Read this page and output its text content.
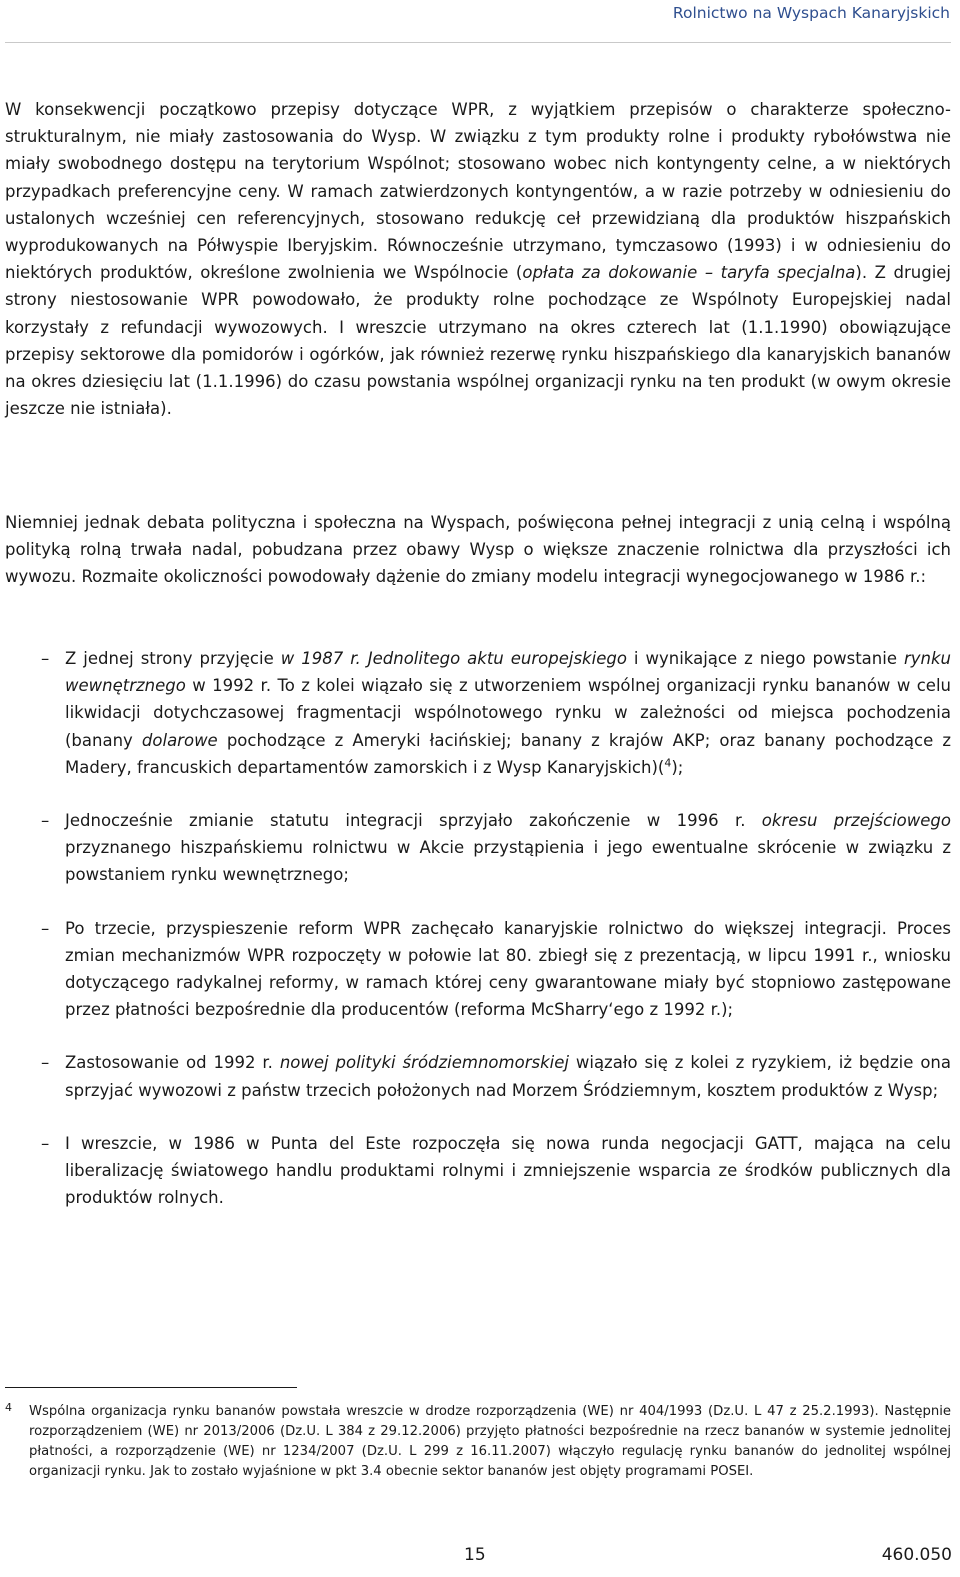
Rolnictwo na Wyspach Kanaryjskich

W konsekwencji początkowo przepisy dotyczące WPR, z wyjątkiem przepisów o charakterze społeczno-strukturalnym, nie miały zastosowania do Wysp. W związku z tym produkty rolne i produkty rybołówstwa nie miały swobodnego dostępu na terytorium Wspólnot; stosowano wobec nich kontyngenty celne, a w niektórych przypadkach preferencyjne ceny. W ramach zatwierdzonych kontyngentów, a w razie potrzeby w odniesieniu do ustalonych wcześniej cen referencyjnych, stosowano redukcję ceł przewidzianą dla produktów hiszpańskich wyprodukowanych na Półwyspie Iberyjskim. Równocześnie utrzymano, tymczasowo (1993) i w odniesieniu do niektórych produktów, określone zwolnienia we Wspólnocie (opłata za dokowanie – taryfa specjalna). Z drugiej strony niestosowanie WPR powodowało, że produkty rolne pochodzące ze Wspólnoty Europejskiej nadal korzystały z refundacji wywozowych. I wreszcie utrzymano na okres czterech lat (1.1.1990) obowiązujące przepisy sektorowe dla pomidorów i ogórków, jak również rezerwę rynku hiszpańskiego dla kanaryjskich bananów na okres dziesięciu lat (1.1.1996) do czasu powstania wspólnej organizacji rynku na ten produkt (w owym okresie jeszcze nie istniała).

Niemniej jednak debata polityczna i społeczna na Wyspach, poświęcona pełnej integracji z unią celną i wspólną polityką rolną trwała nadal, pobudzana przez obawy Wysp o większe znaczenie rolnictwa dla przyszłości ich wywozu. Rozmaite okoliczności powodowały dążenie do zmiany modelu integracji wynegocjowanego w 1986 r.:

– Z jednej strony przyjęcie w 1987 r. Jednolitego aktu europejskiego i wynikające z niego powstanie rynku wewnętrznego w 1992 r. To z kolei wiązało się z utworzeniem wspólnej organizacji rynku bananów w celu likwidacji dotychczasowej fragmentacji wspólnotowego rynku w zależności od miejsca pochodzenia (banany dolarowe pochodzące z Ameryki łacińskiej; banany z krajów AKP; oraz banany pochodzące z Madery, francuskich departamentów zamorskich i z Wysp Kanaryjskich)($^4$);
– Jednocześnie zmianie statutu integracji sprzyjało zakończenie w 1996 r. okresu przejściowego przyznanego hiszpańskiemu rolnictwu w Akcie przystąpienia i jego ewentualne skrócenie w związku z powstaniem rynku wewnętrznego;
– Po trzecie, przyspieszenie reform WPR zachęcało kanaryjskie rolnictwo do większej integracji. Proces zmian mechanizmów WPR rozpoczęty w połowie lat 80. zbiegł się z prezentacją, w lipcu 1991 r., wniosku dotyczącego radykalnej reformy, w ramach której ceny gwarantowane miały być stopniowo zastępowane przez płatności bezpośrednie dla producentów (reforma McSharry‘ego z 1992 r.);
– Zastosowanie od 1992 r. nowej polityki śródziemnomorskiej wiązało się z kolei z ryzykiem, iż będzie ona sprzyjać wywozowi z państw trzecich położonych nad Morzem Śródziemnym, kosztem produktów z Wysp;
– I wreszcie, w 1986 w Punta del Este rozpoczęła się nowa runda negocjacji GATT, mająca na celu liberalizację światowego handlu produktami rolnymi i zmniejszenie wsparcia ze środków publicznych dla produktów rolnych.
4 Wspólna organizacja rynku bananów powstała wreszcie w drodze rozporządzenia (WE) nr 404/1993 (Dz.U. L 47 z 25.2.1993). Następnie rozporządzeniem (WE) nr 2013/2006 (Dz.U. L 384 z 29.12.2006) przyjęto płatności bezpośrednie na rzecz bananów w systemie jednolitej płatności, a rozporządzenie (WE) nr 1234/2007 (Dz.U. L 299 z 16.11.2007) włączyło regulację rynku bananów do jednolitej wspólnej organizacji rynku. Jak to zostało wyjaśnione w pkt 3.4 obecnie sektor bananów jest objęty programami POSEI.
15	460.050
